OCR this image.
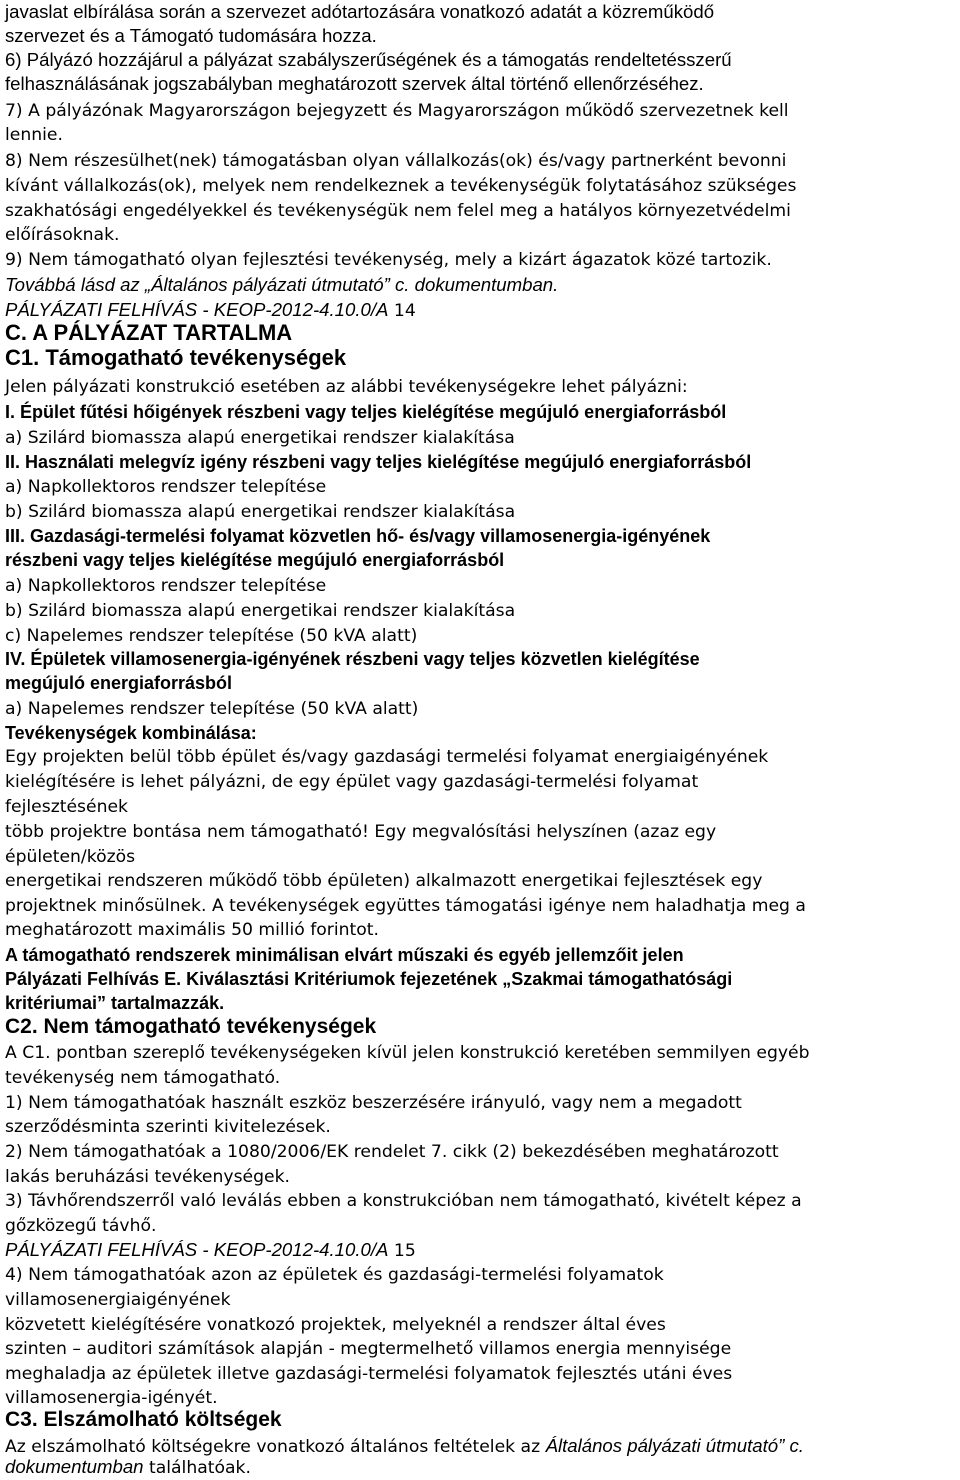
javaslat elbírálása során a szervezet adótartozására vonatkozó adatát a közreműködő
szervezet és a Támogató tudomására hozza.
6) Pályázó hozzájárul a pályázat szabályszerűségének és a támogatás rendeltetésszerű
felhasználásának jogszabályban meghatározott szervek által történő ellenőrzéséhez.
7) A pályázónak Magyarországon bejegyzett és Magyarországon működő szervezetnek kell
lennie.
8) Nem részesülhet(nek) támogatásban olyan vállalkozás(ok) és/vagy partnerként bevonni
kívánt vállalkozás(ok), melyek nem rendelkeznek a tevékenységük folytatásához szükséges
szakhatósági engedélyekkel és tevékenységük nem felel meg a hatályos környezetvédelmi
előírásoknak.
9) Nem támogatható olyan fejlesztési tevékenység, mely a kizárt ágazatok közé tartozik.
Továbbá lásd az „Általános pályázati útmutató” c. dokumentumban.
PÁLYÁZATI FELHÍVÁS - KEOP-2012-4.10.0/A 14
C. A PÁLYÁZAT TARTALMA
C1. Támogatható tevékenységek
Jelen pályázati konstrukció esetében az alábbi tevékenységekre lehet pályázni:
I. Épület fűtési hőigények részbeni vagy teljes kielégítése megújuló energiaforrásból
a) Szilárd biomassza alapú energetikai rendszer kialakítása
II. Használati melegvíz igény részbeni vagy teljes kielégítése megújuló energiaforrásból
a) Napkollektoros rendszer telepítése
b) Szilárd biomassza alapú energetikai rendszer kialakítása
III. Gazdasági-termelési folyamat közvetlen hő- és/vagy villamosenergia-igényének
részbeni vagy teljes kielégítése megújuló energiaforrásból
a) Napkollektoros rendszer telepítése
b) Szilárd biomassza alapú energetikai rendszer kialakítása
c) Napelemes rendszer telepítése (50 kVA alatt)
IV. Épületek villamosenergia-igényének részbeni vagy teljes közvetlen kielégítése
megújuló energiaforrásból
a) Napelemes rendszer telepítése (50 kVA alatt)
Tevékenységek kombinálása:
Egy projekten belül több épület és/vagy gazdasági termelési folyamat energiaigényének
kielégítésére is lehet pályázni, de egy épület vagy gazdasági-termelési folyamat
fejlesztésének
több projektre bontása nem támogatható! Egy megvalósítási helyszínen (azaz egy
épületen/közös
energetikai rendszeren működő több épületen) alkalmazott energetikai fejlesztések egy
projektnek minősülnek. A tevékenységek együttes támogatási igénye nem haladhatja meg a
meghatározott maximális 50 millió forintot.
A támogatható rendszerek minimálisan elvárt műszaki és egyéb jellemzőit jelen
Pályázati Felhívás E. Kiválasztási Kritériumok fejezetének „Szakmai támogathatósági
kritériumai” tartalmazzák.
C2. Nem támogatható tevékenységek
A C1. pontban szereplő tevékenységeken kívül jelen konstrukció keretében semmilyen egyéb
tevékenység nem támogatható.
1) Nem támogathatóak használt eszköz beszerzésére irányuló, vagy nem a megadott
szerződésminta szerinti kivitelezések.
2) Nem támogathatóak a 1080/2006/EK rendelet 7. cikk (2) bekezdésében meghatározott
lakás beruházási tevékenységek.
3) Távhőrendszerről való leválás ebben a konstrukcióban nem támogatható, kivételt képez a
gőzközegű távhő.
PÁLYÁZATI FELHÍVÁS - KEOP-2012-4.10.0/A 15
4) Nem támogathatóak azon az épületek és gazdasági-termelési folyamatok
villamosenergiaigényének
közvetett kielégítésére vonatkozó projektek, melyeknél a rendszer által éves
szinten – auditori számítások alapján - megtermelhető villamos energia mennyisége
meghaladja az épületek illetve gazdasági-termelési folyamatok fejlesztés utáni éves
villamosenergia-igényét.
C3. Elszámolható költségek
Az elszámolható költségekre vonatkozó általános feltételek az Általános pályázati útmutató” c.
dokumentumban találhatóak.
